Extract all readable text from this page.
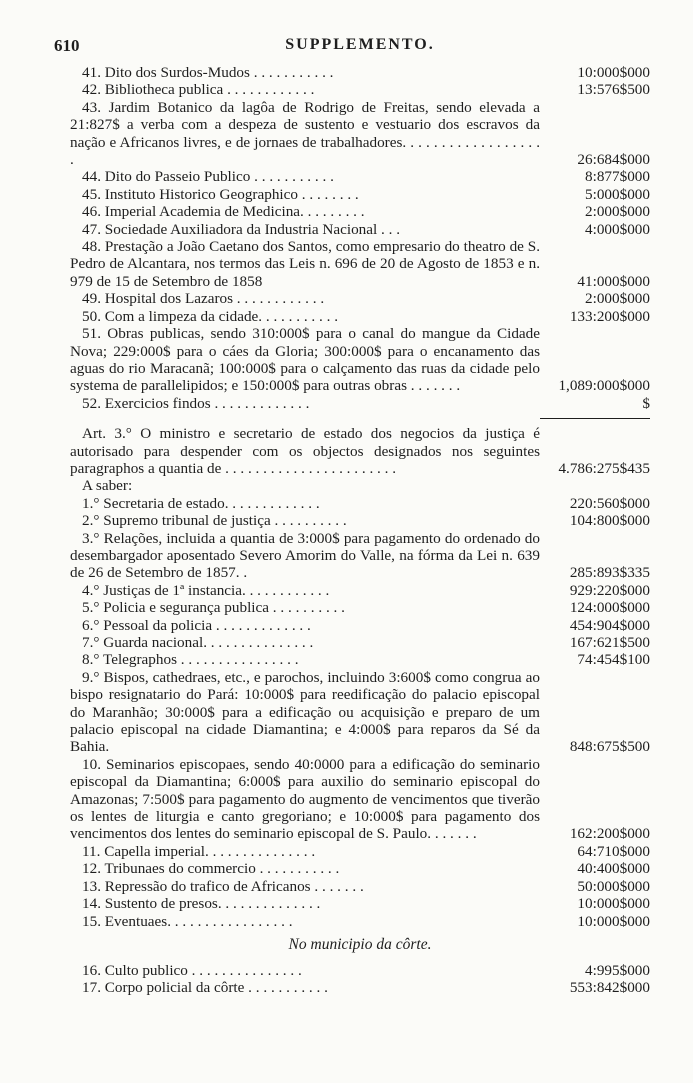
610	SUPPLEMENTO.
41. Dito dos Surdos-Mudos . . . . . . . . . . .	10:000$000
42. Bibliotheca publica . . . . . . . . . . . .	13:576$500
43. Jardim Botanico da lagôa de Rodrigo de Freitas, sendo elevada a 21:827$ a verba com a despeza de sustento e vestuario dos escravos da nação e Africanos livres, e de jornaes de trabalhadores. . . . . . . . . . . . . . . . . . .	26:684$000
44. Dito do Passeio Publico . . . . . . . . . . .	8:877$000
45. Instituto Historico Geographico . . . . . . . .	5:000$000
46. Imperial Academia de Medicina. . . . . . . . .	2:000$000
47. Sociedade Auxiliadora da Industria Nacional . . .	4:000$000
48. Prestação a João Caetano dos Santos, como empresario do theatro de S. Pedro de Alcantara, nos termos das Leis n. 696 de 20 de Agosto de 1853 e n. 979 de 15 de Setembro de 1858	41:000$000
49. Hospital dos Lazaros . . . . . . . . . . . .	2:000$000
50. Com a limpeza da cidade. . . . . . . . . . .	133:200$000
51. Obras publicas, sendo 310:000$ para o canal do mangue da Cidade Nova; 229:000$ para o cáes da Gloria; 300:000$ para o encanamento das aguas do rio Maracanã; 100:000$ para o calçamento das ruas da cidade pelo systema de parallelipidos; e 150:000$ para outras obras . . . . . . .	1,089:000$000
52. Exercicios findos . . . . . . . . . . . . .	$
Art. 3.° O ministro e secretario de estado dos negocios da justiça é autorisado para despender com os objectos designados nos seguintes paragraphos a quantia de . . . . . . . . . . . . . . . . . . . . . . .	4.786:275$435
A saber:
1.° Secretaria de estado. . . . . . . . . . . . .	220:560$000
2.° Supremo tribunal de justiça . . . . . . . . . .	104:800$000
3.° Relações, incluida a quantia de 3:000$ para pagamento do ordenado do desembargador aposentado Severo Amorim do Valle, na fórma da Lei n. 639 de 26 de Setembro de 1857. .	285:893$335
4.° Justiças de 1ª instancia. . . . . . . . . . . .	929:220$000
5.° Policia e segurança publica . . . . . . . . . .	124:000$000
6.° Pessoal da policia . . . . . . . . . . . . .	454:904$000
7.° Guarda nacional. . . . . . . . . . . . . . .	167:621$500
8.° Telegraphos . . . . . . . . . . . . . . . .	74:454$100
9.° Bispos, cathedraes, etc., e parochos, incluindo 3:600$ como congrua ao bispo resignatario do Pará: 10:000$ para reedificação do palacio episcopal do Maranhão; 30:000$ para a edificação ou acquisição e preparo de um palacio episcopal na cidade Diamantina; e 4:000$ para reparos da Sé da Bahia.	848:675$500
10. Seminarios episcopaes, sendo 40:0000 para a edificação do seminario episcopal da Diamantina; 6:000$ para auxilio do seminario episcopal do Amazonas; 7:500$ para pagamento do augmento de vencimentos que tiverão os lentes de liturgia e canto gregoriano; e 10:000$ para pagamento dos vencimentos dos lentes do seminario episcopal de S. Paulo. . . . . . .	162:200$000
11. Capella imperial. . . . . . . . . . . . . . .	64:710$000
12. Tribunaes do commercio . . . . . . . . . . .	40:400$000
13. Repressão do trafico de Africanos . . . . . . .	50:000$000
14. Sustento de presos. . . . . . . . . . . . . .	10:000$000
15. Eventuaes. . . . . . . . . . . . . . . . .	10:000$000
No municipio da côrte.
16. Culto publico . . . . . . . . . . . . . . .	4:995$000
17. Corpo policial da côrte . . . . . . . . . . .	553:842$000
